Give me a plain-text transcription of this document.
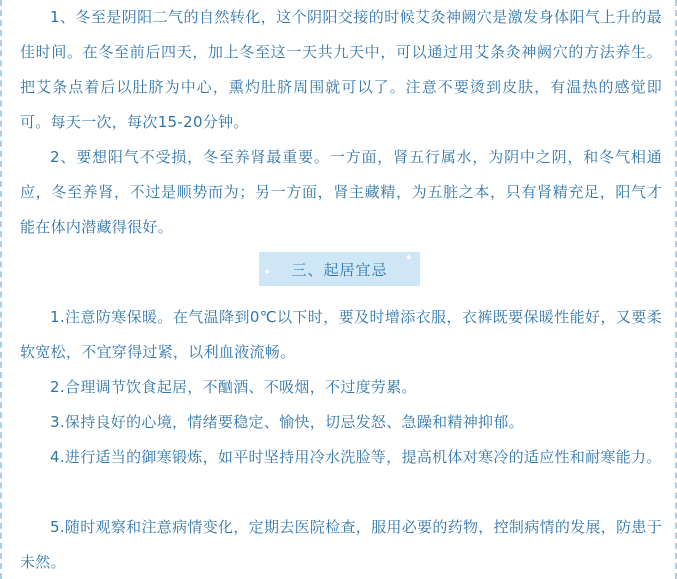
1、冬至是阴阳二气的自然转化，这个阴阳交接的时候艾灸神阙穴是激发身体阳气上升的最佳时间。在冬至前后四天，加上冬至这一天共九天中，可以通过用艾条灸神阙穴的方法养生。把艾条点着后以肚脐为中心，熏灼肚脐周围就可以了。注意不要烫到皮肤，有温热的感觉即可。每天一次，每次15-20分钟。

2、要想阳气不受损，冬至养肾最重要。一方面，肾五行属水，为阴中之阴，和冬气相通应，冬至养肾，不过是顺势而为；另一方面，肾主藏精，为五脏之本，只有肾精充足，阳气才能在体内潜藏得很好。

◆ 三、起居宜忌
✦

1.注意防寒保暖。在气温降到0℃以下时，要及时增添衣服，衣裤既要保暖性能好，又要柔软宽松，不宜穿得过紧，以利血液流畅。

2.合理调节饮食起居，不酗酒、不吸烟，不过度劳累。

3.保持良好的心境，情绪要稳定、愉快，切忌发怒、急躁和精神抑郁。

4.进行适当的御寒锻炼，如平时坚持用冷水洗脸等，提高机体对寒冷的适应性和耐寒能力。

5.随时观察和注意病情变化，定期去医院检查，服用必要的药物，控制病情的发展，防患于未然。
